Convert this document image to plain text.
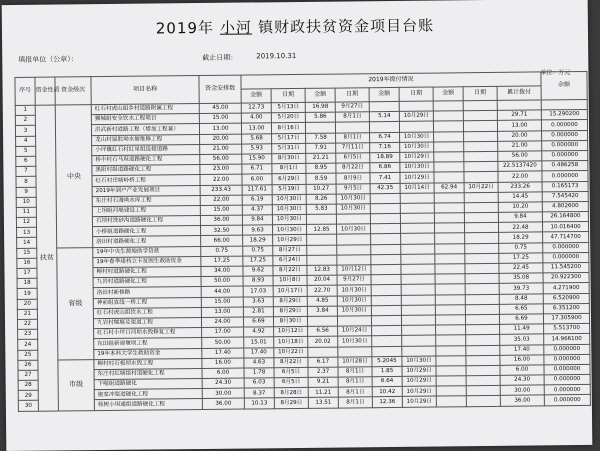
2019年 小河 镇财政扶贫资金项目台账
填报单位（公章）：	截止日期：	2019.10.31
单位：万元
序号	资金性质	资金级次	项目名称	资金安排数	2019年拨付情况									余额
					金额	日期	金额	日期	金额	日期	金额	日期	累计拨付	
1	扶贫	中央	红石村虎山组乡村道路附属工程	45.00	12.73	5月13日	16.98	9月27日						
2			狮城组安全饮水工程项目	15.00	4.00	5月20日	5.86	8月1日	5.14	10月29日			29.71	15.290200
3			洪武新村道路工程（增加工程量）	13.00	13.00	8月16日							13.00	0.000000
4			龙山村屋腔坳水塘维修工程	20.00	5.68	5月17日	7.58	8月1日	6.74	10月30日			20.00	0.000000
5			小坪镇红石村红星组连接道路	21.00	5.93	5月31日	7.91	7月11日	7.16	10月30日			21.00	0.000000
6			桥丰村石马坦道路硬化工程	56.00	15.90	8月30日	21.21	6月5日	18.89	10月29日			56.00	0.000000
7			黑阳村组道路硬化工程	23.00	6.71	8月1日	8.95	8月22日	6.86	10月30日			22.5137420	0.486258
8			红石村岳塘岭桥工程	22.00	6.00	6月29日	8.59	8月9日	7.41	10月29日			22.00	0.000000
9			2019年到户产业发展项目	233.43	117.61	5月19日	10.27	9月5日	42.35	10月14日	62.94	10月22日	233.26	0.165173
10			东庄村石漫坳水库工程	22.00	6.19	10月30日	8.26	10月30日					14.45	7.545420
11			上坦组河堤建设工程	15.00	4.37	10月30日	5.83	10月30日					10.20	4.802600
12			石坝村洗砂沟道路硬化工程	36.00	9.84	10月30日							9.84	26.164800
13			小桥组道路硬化工程	32.50	9.63	10月30日	12.85	10月30日					22.48	10.016400
14			洛田村道路硬化工程	66.00	18.29	10月29日							18.29	47.714700
15		省级	19年中央生源地助学贷款	0.75	0.75	8月27日							0.75	0.000000
16			19年春季建档立卡贫困生救助资金	17.25	17.25	6月24日							17.25	0.000000
17			柳村村道路硬化工程	34.00	9.62	8月22日	12.83	10月12日					22.45	11.545200
18			九岩村道路硬化工程	50.00	8.93	10月8日	20.04	9月27日					35.08	20.922300
19			洛田村新修路	44.00	17.03	10月17日	22.70	10月30日					39.73	4.271900
20			神前组直线一桥工程	15.00	3.63	8月29日	4.85	10月30日					8.48	6.520900
21			红石村虎山组饮水工程	13.00	2.81	8月29日	3.84	10月30日					6.65	6.351200
22			九岩村堰塘及渠道工程	24.00	6.69	8月30日							6.69	17.305900
23			红石村小坪口河坝水毁修复工程	17.00	4.92	10月12日	6.56	10月24日					11.49	5.513700
24			东田组新建堰坝工程	50.00	15.01	10月18日	20.02	10月30日					35.03	14.966100
25			19年本科大学生救助资金	17.40	17.40	10月22日							17.40	0.000000
26		市级	柳村村石板坝水毁工程	16.00	4.63	8月22日	6.17	10月28日	5.2045	10月30日			16.00	0.000000
27			东庄村红塘组村道硬化工程	6.00	1.78	6月5日	2.37	8月1日	1.85	10月29日			6.00	0.000000
28			下喔组道路硬化	24.30	6.03	6月5日	9.21	8月1日	6.64	10月29日			24.30	0.000000
29			施家冲渠道硬化工程	30.00	8.37	8月28日	11.21	8月1日	10.42	10月29日			30.00	0.000000
30			杨树小坦通组道路硬化工程	36.00	10.13	8月29日	13.51	8月1日	12.36	10月29日			36.00	0.000000
